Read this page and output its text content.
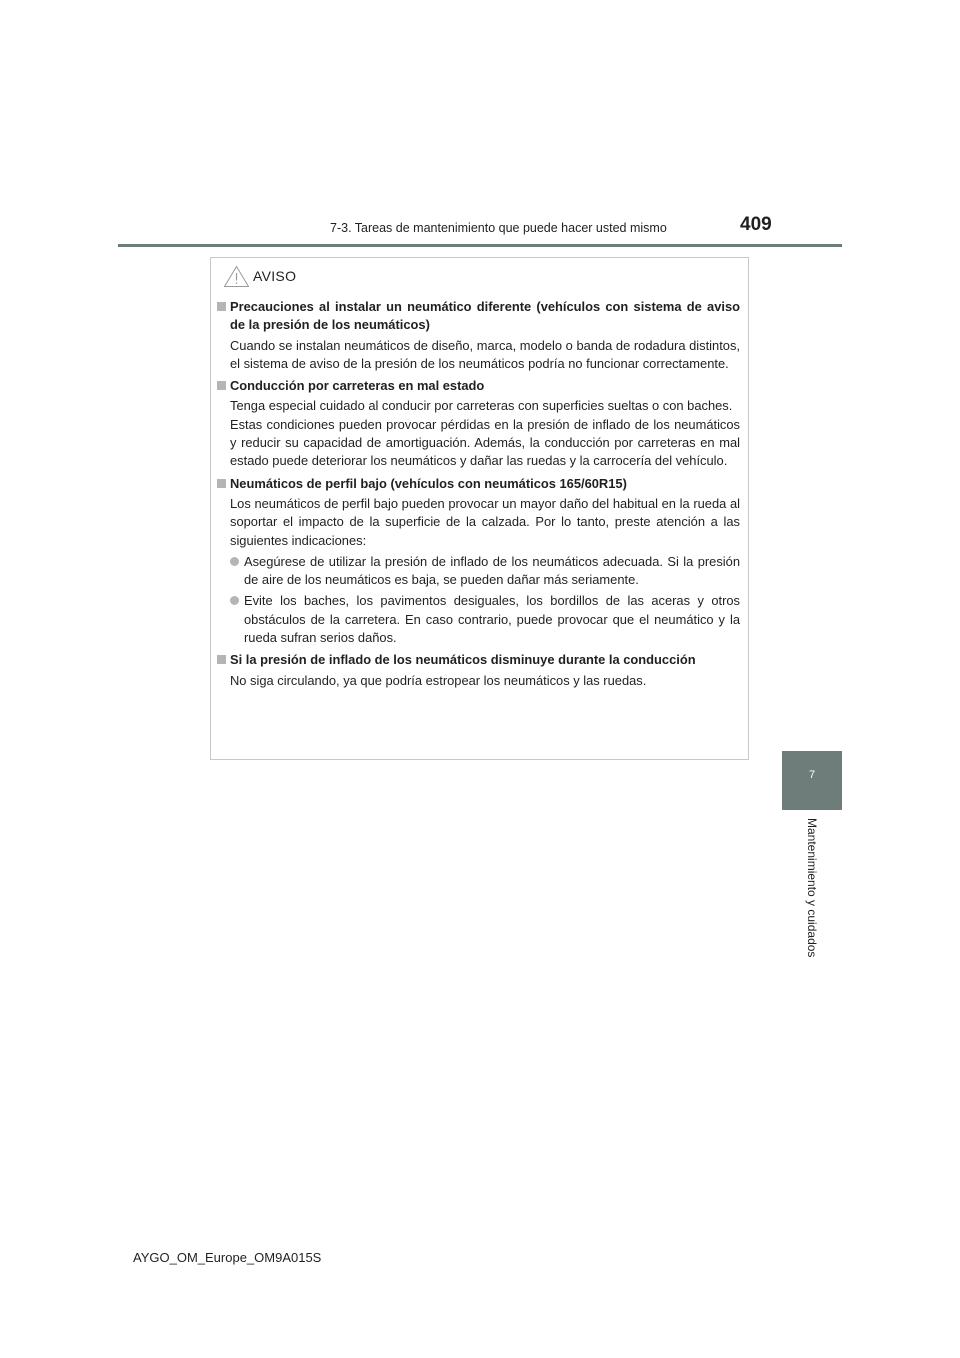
7-3. Tareas de mantenimiento que puede hacer usted mismo	409
7
Mantenimiento y cuidados
AVISO
Precauciones al instalar un neumático diferente (vehículos con sistema de aviso de la presión de los neumáticos)
Cuando se instalan neumáticos de diseño, marca, modelo o banda de rodadura distintos, el sistema de aviso de la presión de los neumáticos podría no funcionar correctamente.
Conducción por carreteras en mal estado
Tenga especial cuidado al conducir por carreteras con superficies sueltas o con baches.
Estas condiciones pueden provocar pérdidas en la presión de inflado de los neumáticos y reducir su capacidad de amortiguación. Además, la conducción por carreteras en mal estado puede deteriorar los neumáticos y dañar las ruedas y la carrocería del vehículo.
Neumáticos de perfil bajo (vehículos con neumáticos 165/60R15)
Los neumáticos de perfil bajo pueden provocar un mayor daño del habitual en la rueda al soportar el impacto de la superficie de la calzada. Por lo tanto, preste atención a las siguientes indicaciones:
Asegúrese de utilizar la presión de inflado de los neumáticos adecuada. Si la presión de aire de los neumáticos es baja, se pueden dañar más seriamente.
Evite los baches, los pavimentos desiguales, los bordillos de las aceras y otros obstáculos de la carretera. En caso contrario, puede provocar que el neumático y la rueda sufran serios daños.
Si la presión de inflado de los neumáticos disminuye durante la conducción
No siga circulando, ya que podría estropear los neumáticos y las ruedas.
AYGO_OM_Europe_OM9A015S
